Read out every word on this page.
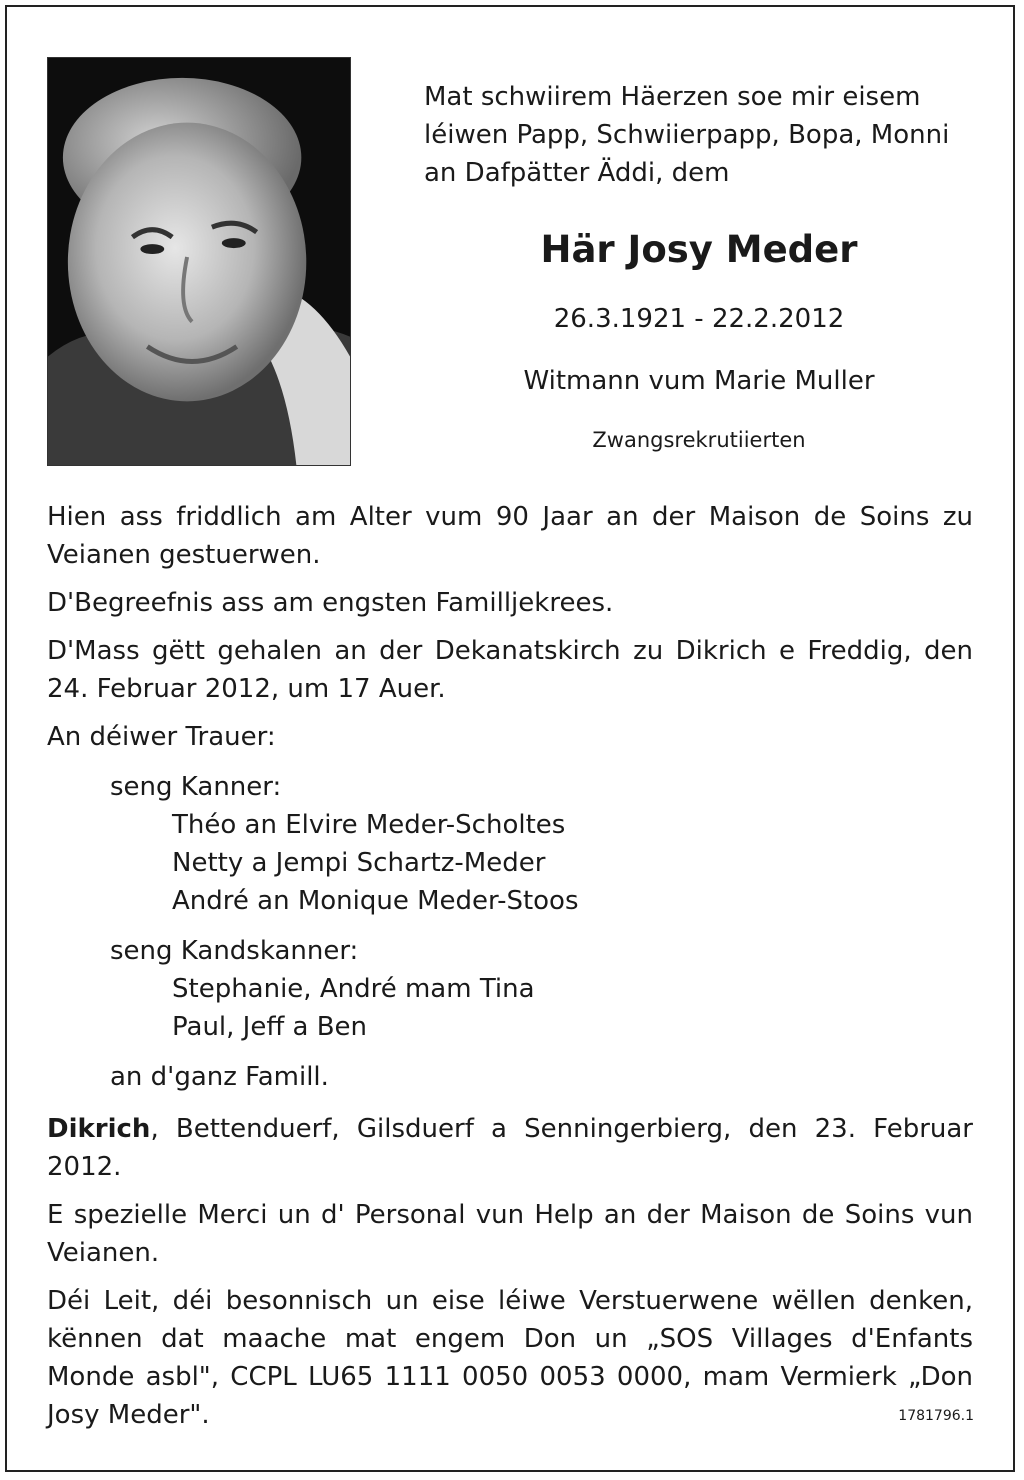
Mat schwiirem Häerzen soe mir eisem
léiwen Papp, Schwiierpapp, Bopa, Monni
an Dafpätter Äddi, dem
Här Josy Meder
26.3.1921 - 22.2.2012
Witmann vum Marie Muller
Zwangsrekrutiierten

Hien ass friddlich am Alter vum 90 Jaar an der Maison de Soins zu Veianen gestuerwen.

D'Begreefnis ass am engsten Familljekrees.

D'Mass gëtt gehalen an der Dekanatskirch zu Dikrich e Freddig, den 24. Februar 2012, um 17 Auer.

An déiwer Trauer:

seng Kanner:
Théo an Elvire Meder-Scholtes
Netty a Jempi Schartz-Meder
André an Monique Meder-Stoos
seng Kandskanner:
Stephanie, André mam Tina
Paul, Jeff a Ben
an d'ganz Famill.

Dikrich, Bettenduerf, Gilsduerf a Senningerbierg, den 23. Februar 2012.

E spezielle Merci un d' Personal vun Help an der Maison de Soins vun Veianen.

Déi Leit, déi besonnisch un eise léiwe Verstuerwene wëllen denken, kënnen dat maache mat engem Don un „SOS Villages d'Enfants Monde asbl", CCPL LU65 1111 0050 0053 0000, mam Vermierk „Don Josy Meder".	1781796.1
